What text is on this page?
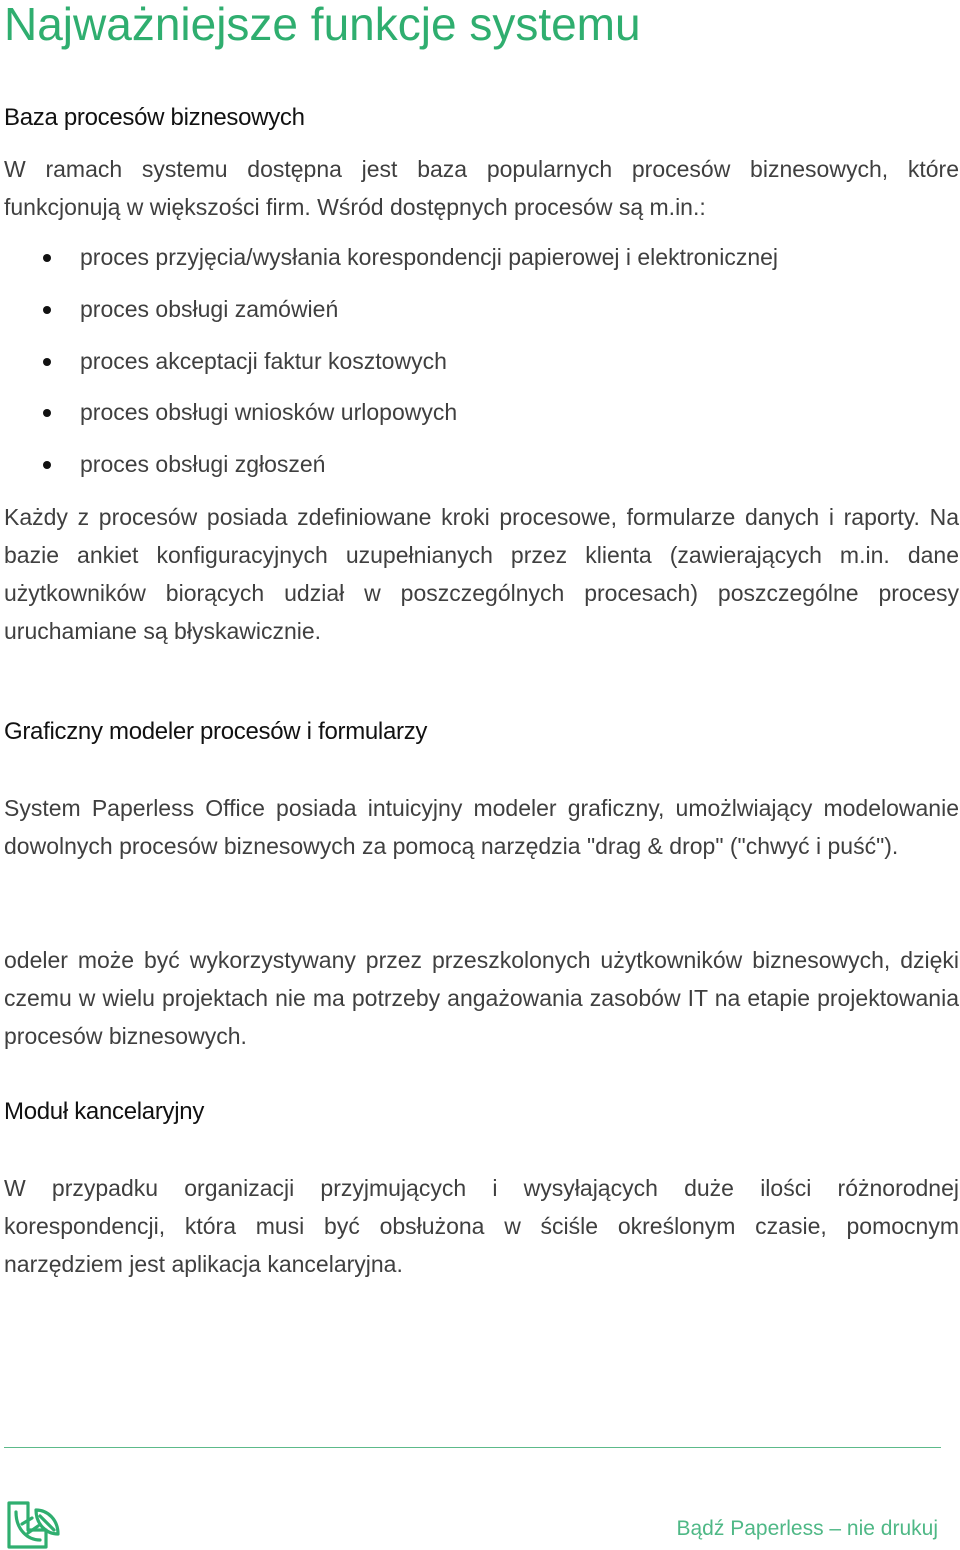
Najważniejsze funkcje systemu
Baza procesów biznesowych

W ramach systemu dostępna jest baza popularnych procesów biznesowych, które funkcjonują w większości firm. Wśród dostępnych procesów są m.in.:

proces przyjęcia/wysłania korespondencji papierowej i elektronicznej
proces obsługi zamówień
proces akceptacji faktur kosztowych
proces obsługi wniosków urlopowych
proces obsługi zgłoszeń

Każdy z procesów posiada zdefiniowane kroki procesowe, formularze danych i raporty. Na bazie ankiet konfiguracyjnych uzupełnianych przez klienta (zawierających m.in. dane użytkowników biorących udział w poszczególnych procesach) poszczególne procesy uruchamiane są błyskawicznie.

Graficzny modeler procesów i formularzy

System Paperless Office posiada intuicyjny modeler graficzny, umożlwiający modelowanie dowolnych procesów biznesowych za pomocą narzędzia "drag & drop" ("chwyć i puść").

odeler może być wykorzystywany przez przeszkolonych użytkowników biznesowych, dzięki czemu w wielu projektach nie ma potrzeby angażowania zasobów IT na etapie projektowania procesów biznesowych.

Moduł kancelaryjny

W przypadku organizacji przyjmujących i wysyłających duże ilości różnorodnej korespondencji, która musi być obsłużona w ściśle określonym czasie, pomocnym narzędziem jest aplikacja kancelaryjna.

Bądź Paperless – nie drukuj
